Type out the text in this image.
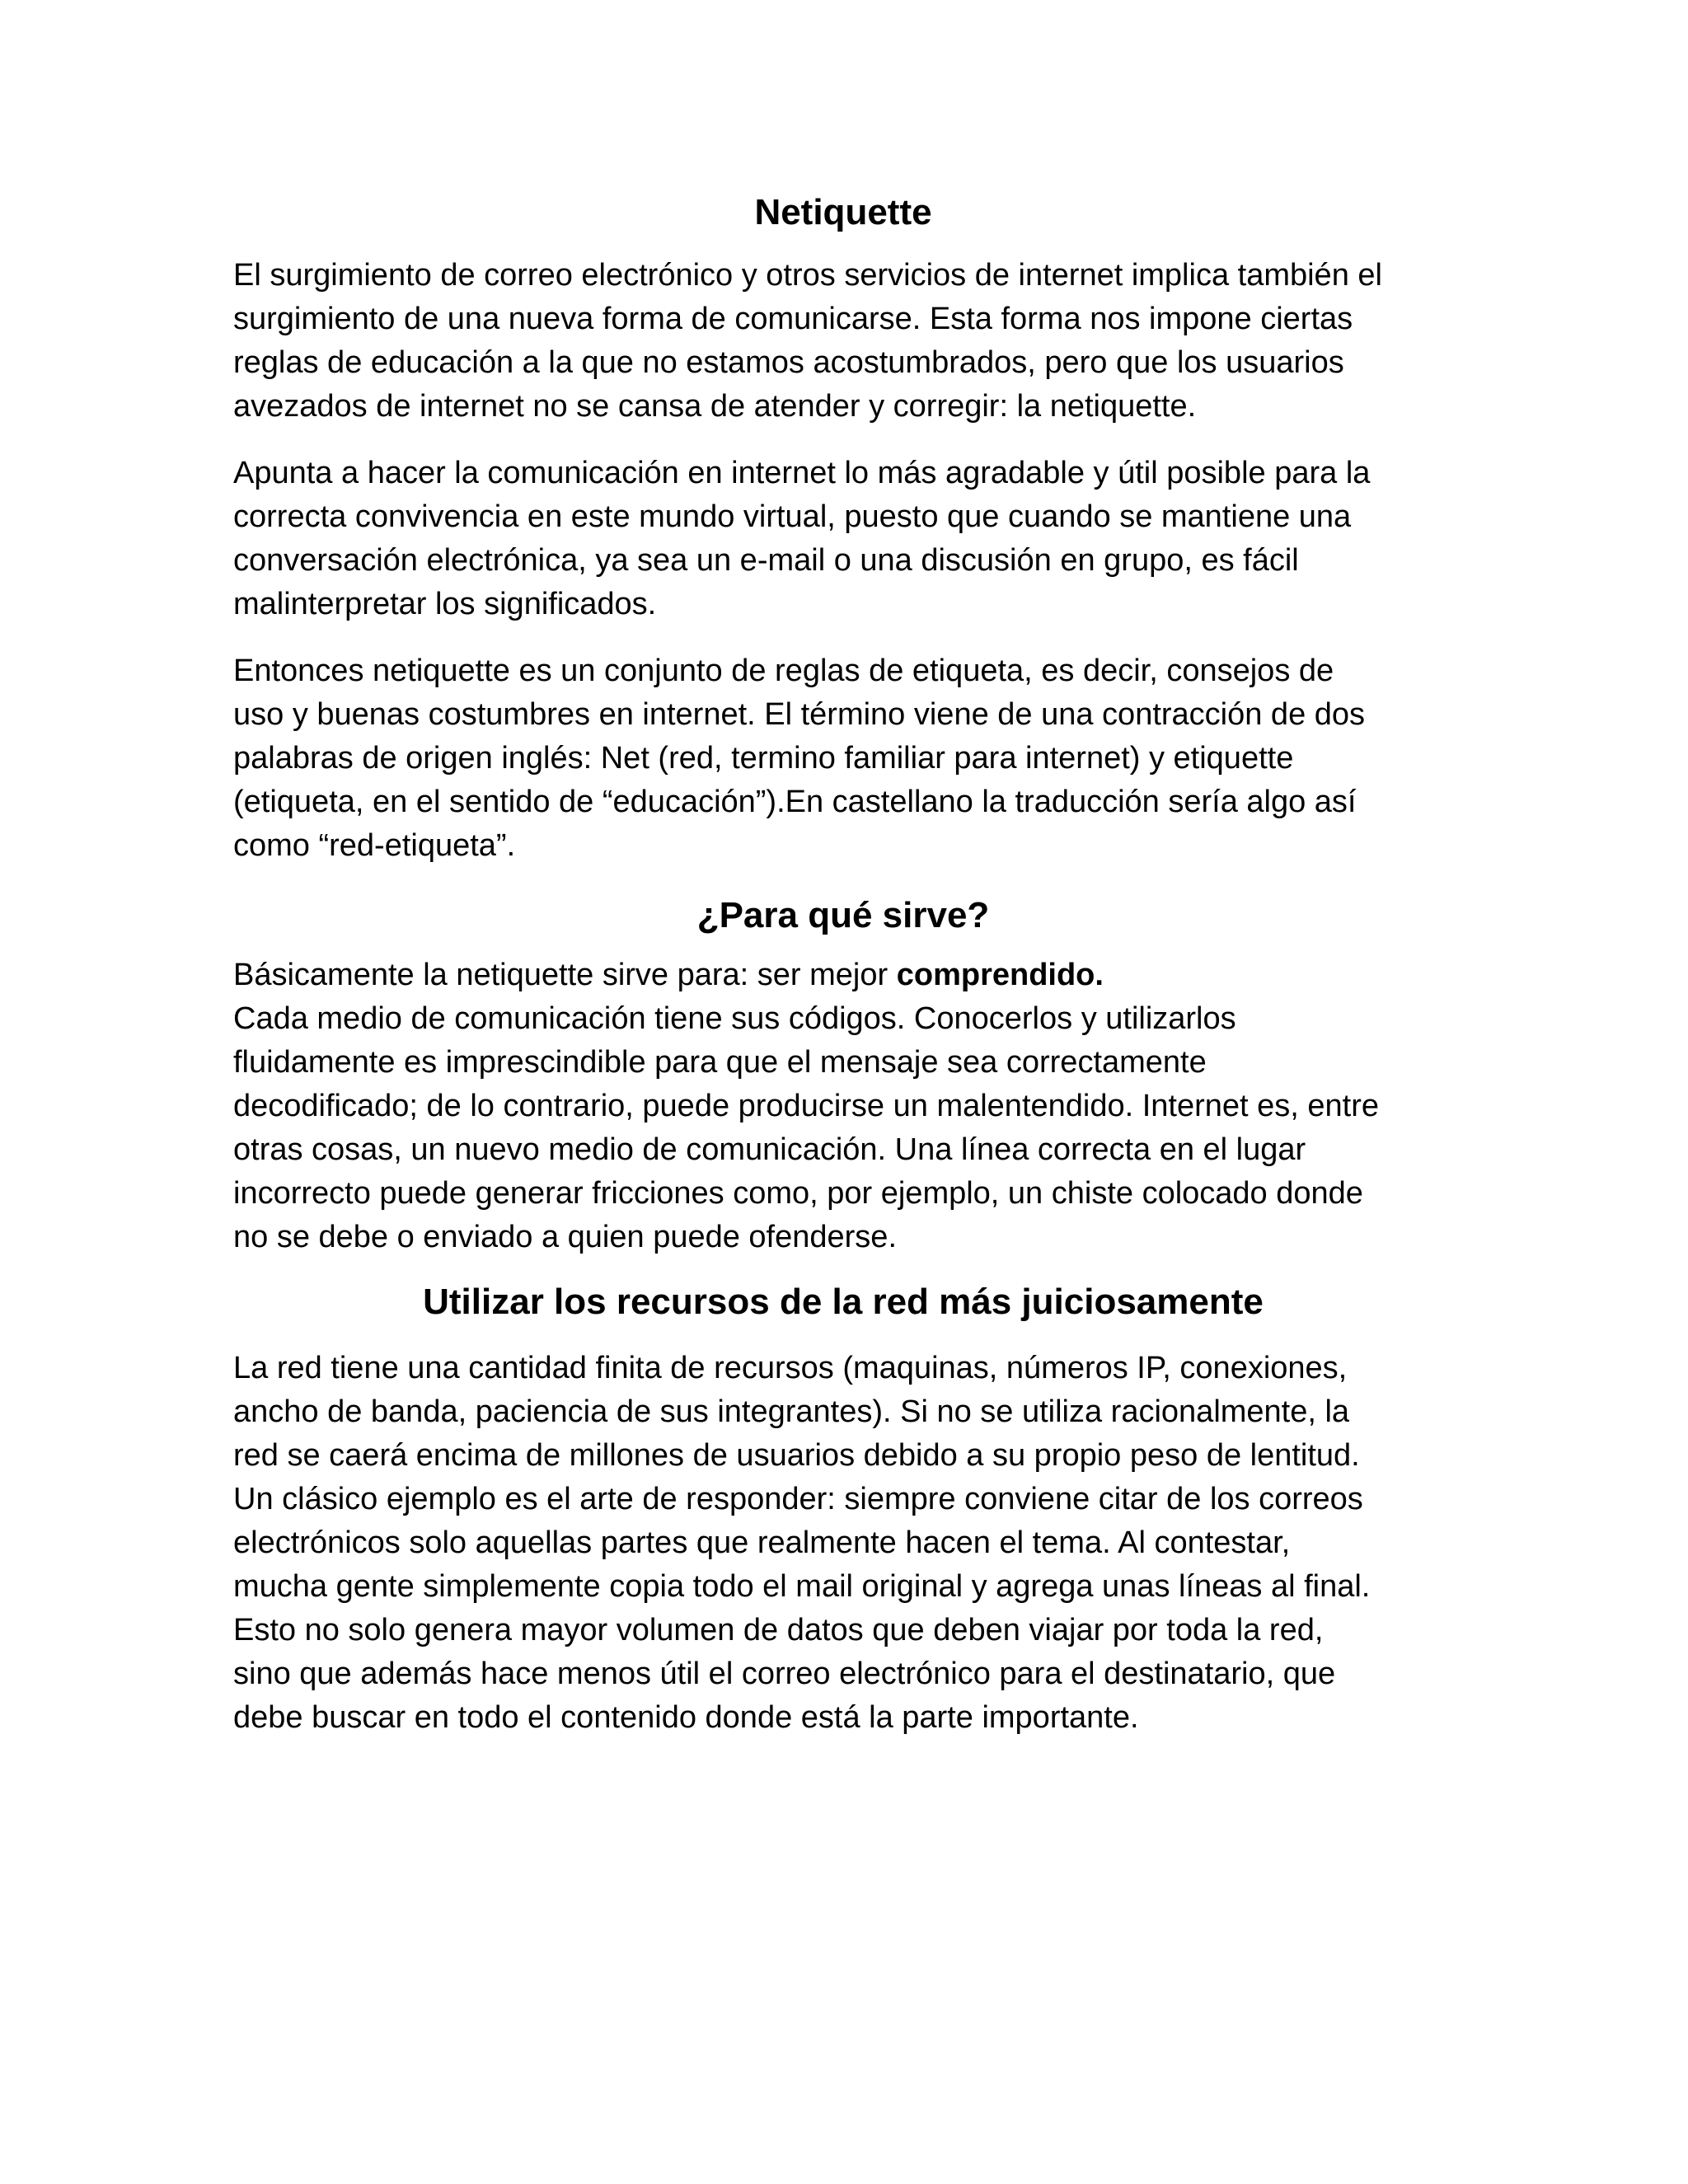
Netiquette

El surgimiento de correo electrónico y otros servicios de internet implica también el
surgimiento de una nueva forma de comunicarse. Esta forma nos impone ciertas
reglas de educación a la que no estamos acostumbrados, pero que los usuarios
avezados de internet no se cansa de atender y corregir: la netiquette.

Apunta a hacer la comunicación en internet lo más agradable y útil posible para la
correcta convivencia en este mundo virtual, puesto que cuando se mantiene una
conversación electrónica, ya sea un e-mail o una discusión en grupo, es fácil
malinterpretar los significados.

Entonces netiquette es un conjunto de reglas de etiqueta, es decir, consejos de
uso y buenas costumbres en internet. El término viene de una contracción de dos
palabras de origen inglés: Net (red, termino familiar para internet) y etiquette
(etiqueta, en el sentido de “educación”).En castellano la traducción sería algo así
como “red-etiqueta”.

¿Para qué sirve?

Básicamente la netiquette sirve para: ser mejor comprendido.
Cada medio de comunicación tiene sus códigos. Conocerlos y utilizarlos
fluidamente es imprescindible para que el mensaje sea correctamente
decodificado; de lo contrario, puede producirse un malentendido. Internet es, entre
otras cosas, un nuevo medio de comunicación. Una línea correcta en el lugar
incorrecto puede generar fricciones como, por ejemplo, un chiste colocado donde
no se debe o enviado a quien puede ofenderse.

Utilizar los recursos de la red más juiciosamente

La red tiene una cantidad finita de recursos (maquinas, números IP, conexiones,
ancho de banda, paciencia de sus integrantes). Si no se utiliza racionalmente, la
red se caerá encima de millones de usuarios debido a su propio peso de lentitud.
Un clásico ejemplo es el arte de responder: siempre conviene citar de los correos
electrónicos solo aquellas partes que realmente hacen el tema. Al contestar,
mucha gente simplemente copia todo el mail original y agrega unas líneas al final.
Esto no solo genera mayor volumen de datos que deben viajar por toda la red,
sino que además hace menos útil el correo electrónico para el destinatario, que
debe buscar en todo el contenido donde está la parte importante.
